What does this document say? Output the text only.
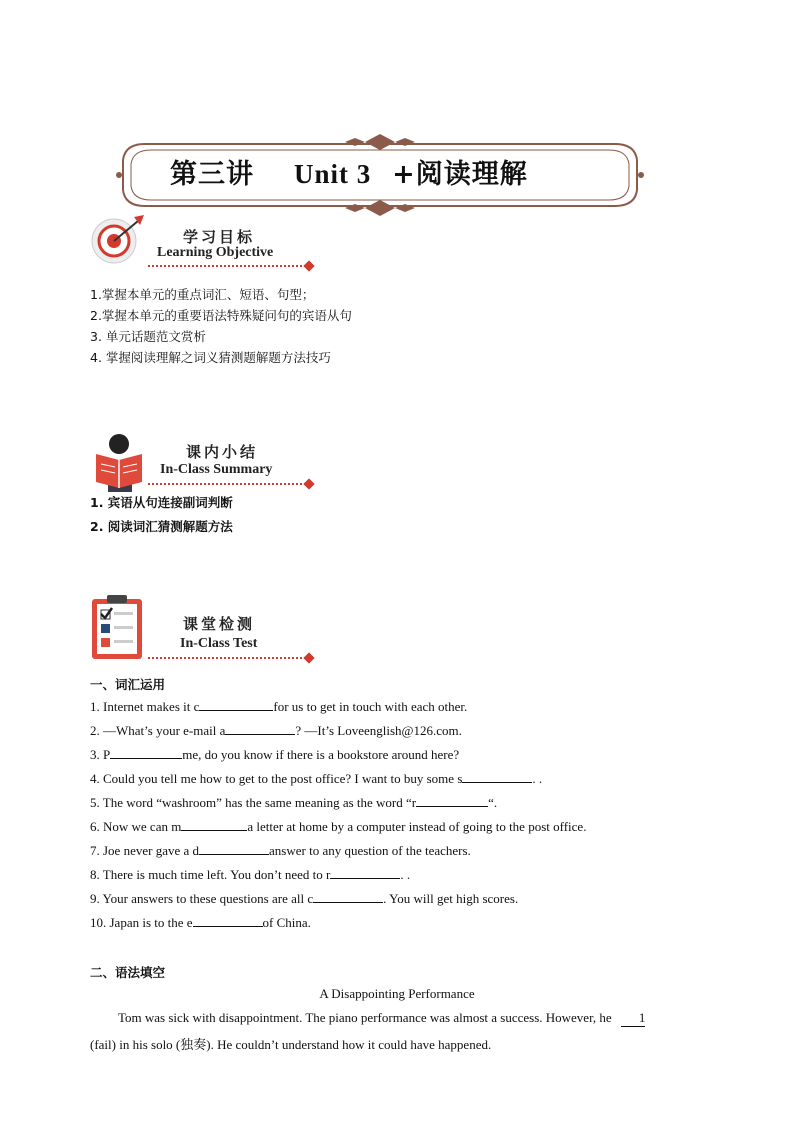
第三讲 Unit 3 +阅读理解
学习目标
Learning Objective
1.掌握本单元的重点词汇、短语、句型；
2.掌握本单元的重要语法特殊疑问句的宾语从句
3. 单元话题范文赏析
4. 掌握阅读理解之词义猜测题解题方法技巧
课内小结
In-Class Summary
1. 宾语从句连接副词判断
2. 阅读词汇猜测解题方法
课堂检测
In-Class Test
一、词汇运用
1. Internet makes it c	for us to get in touch with each other.
2. —What’s your e-mail a	? —It’s Loveenglish@126.com.
3. P	me, do you know if there is a bookstore around here?
4. Could you tell me how to get to the post office? I want to buy some s	. .
5. The word “washroom” has the same meaning as the word “r	“.
6. Now we can m	a letter at home by a computer instead of going to the post office.
7. Joe never gave a d	answer to any question of the teachers.
8. There is much time left. You don’t need to r	. .
9. Your answers to these questions are all c	. You will get high scores.
10. Japan is to the e	of China.
二、语法填空
A Disappointing Performance
Tom was sick with disappointment. The piano performance was almost a success. However, he 1
(fail) in his solo (独奏). He couldn’t understand how it could have happened.
